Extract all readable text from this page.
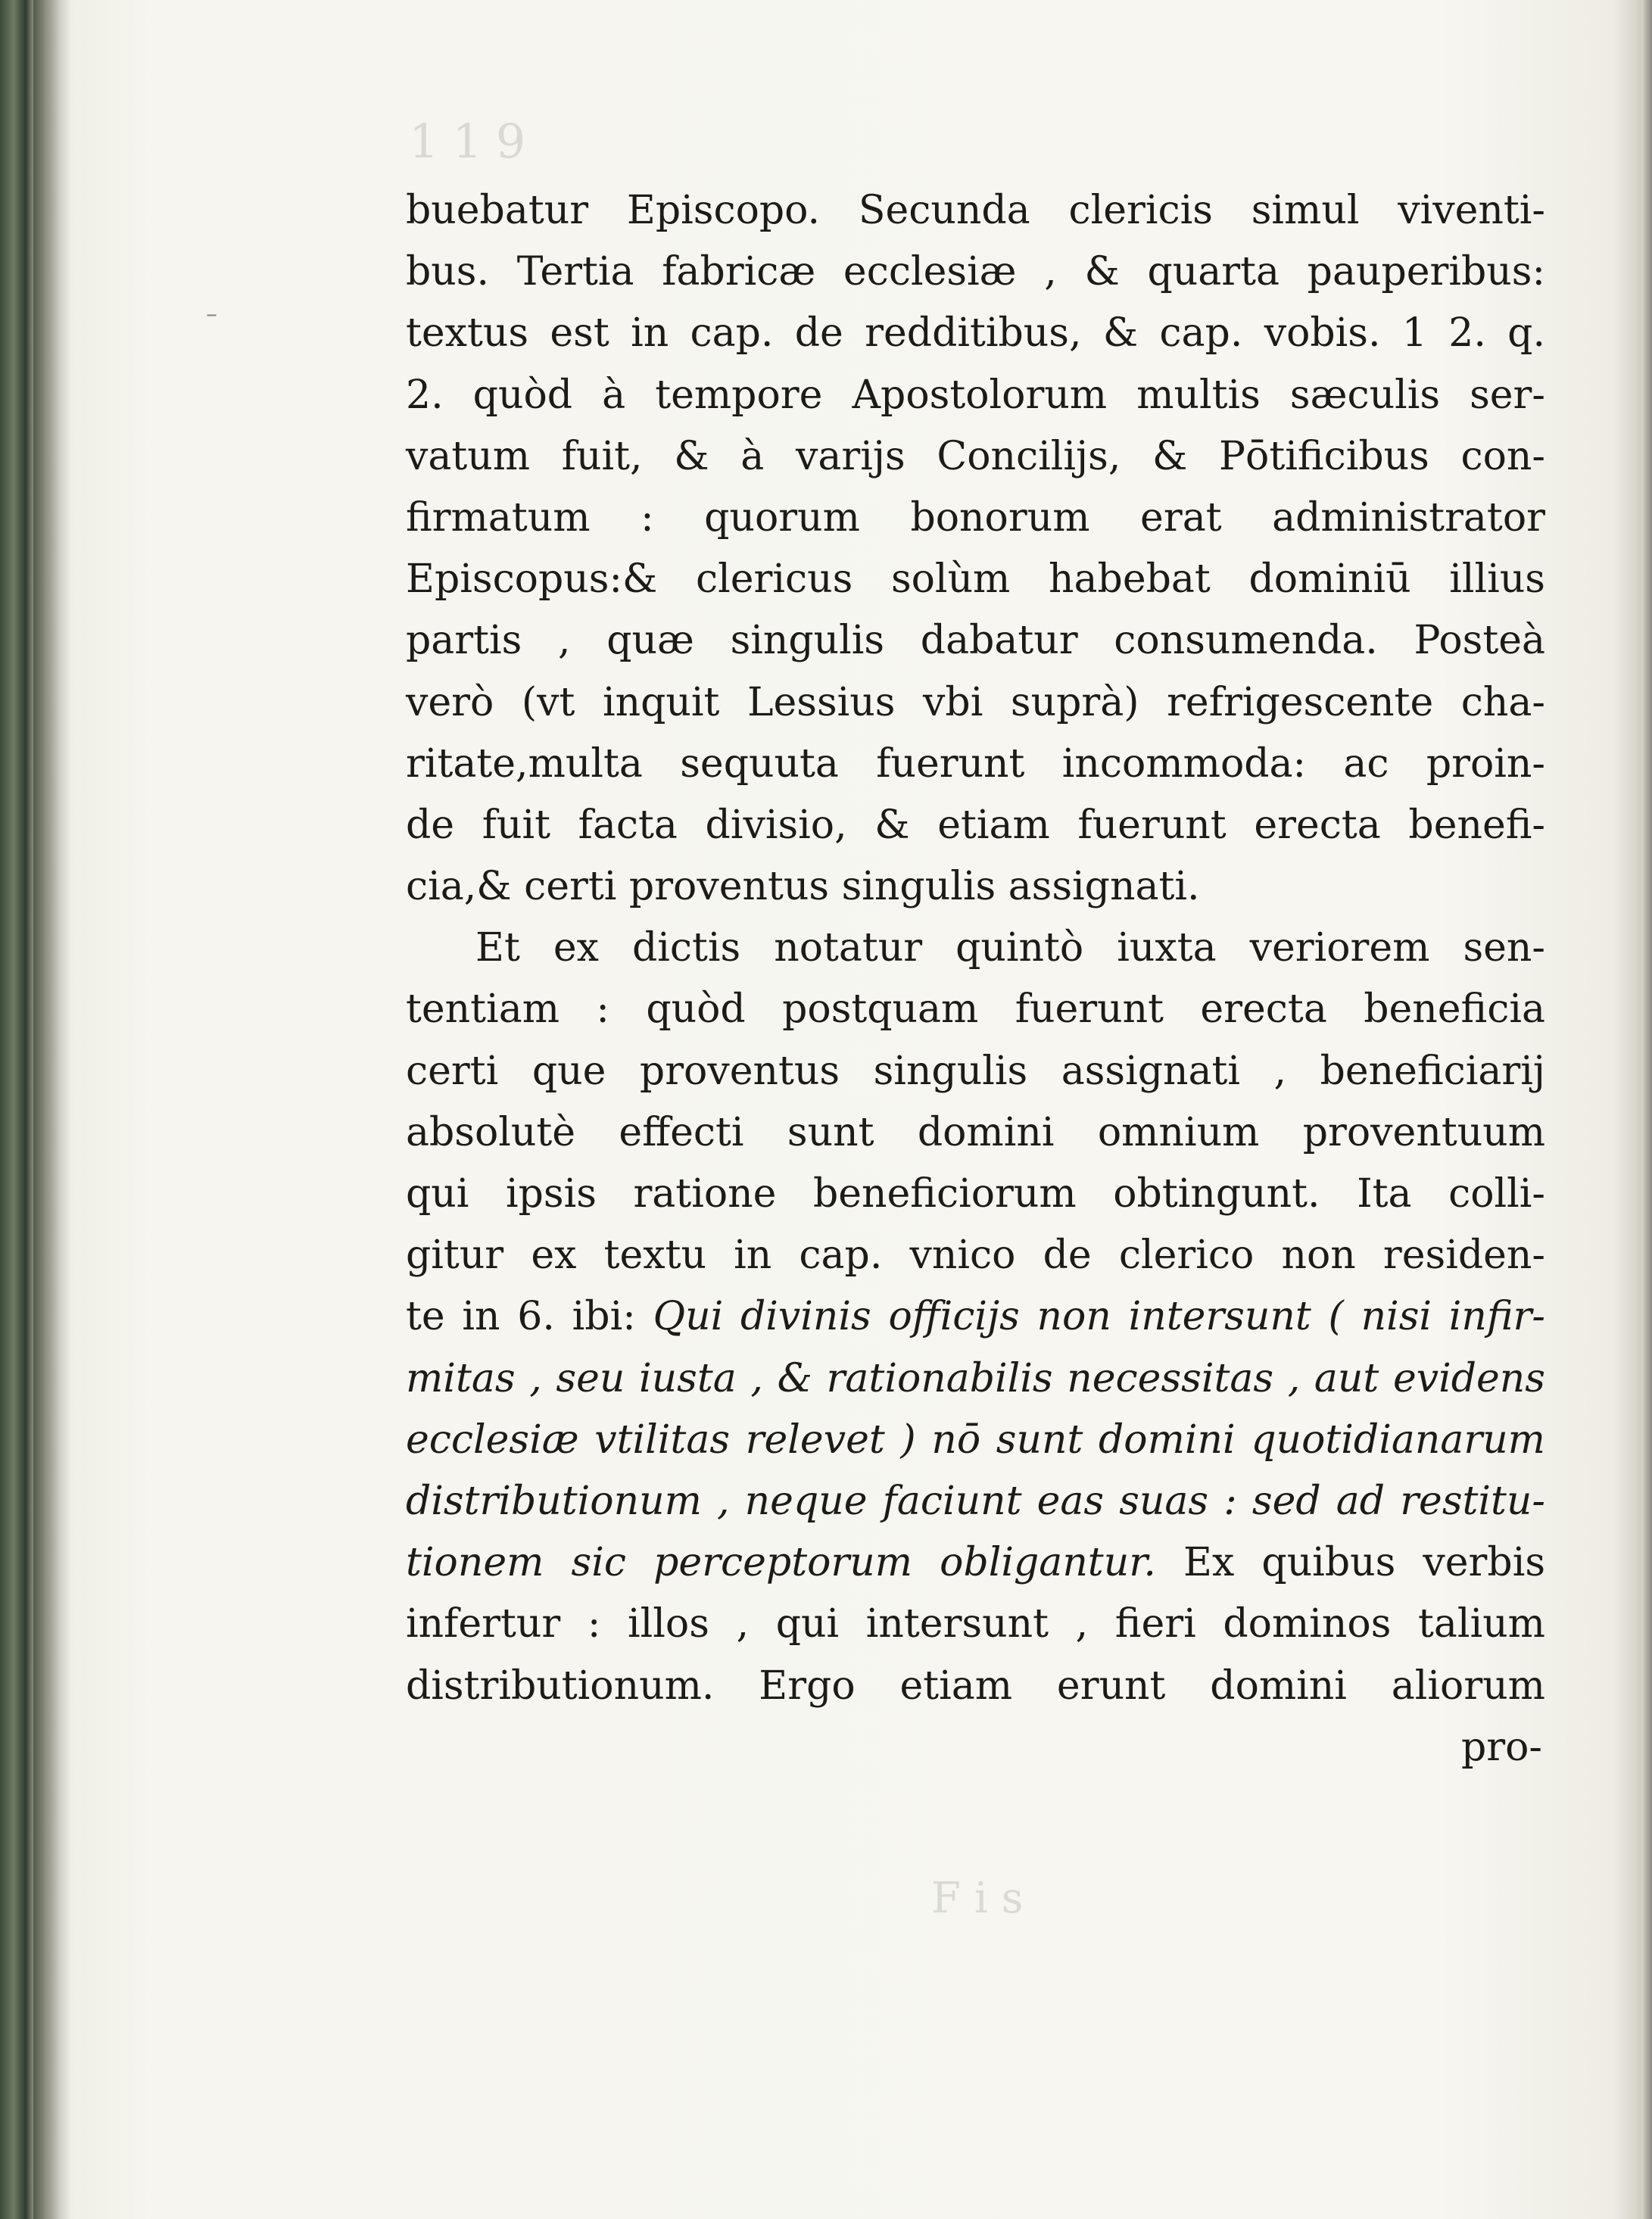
119
Fis
–
buebatur Episcopo. Secunda clericis simul viventi-
bus. Tertia fabricæ ecclesiæ , & quarta pauperibus:
textus est in cap. de redditibus, & cap. vobis. 1 2. q.
2. quòd à tempore Apostolorum multis sæculis ser-
vatum fuit, & à varijs Concilijs, & Pōtificibus con-
firmatum : quorum bonorum erat administrator
Episcopus:& clericus solùm habebat dominiū illius
partis , quæ singulis dabatur consumenda. Posteà
verò (vt inquit Lessius vbi suprà) refrigescente cha-
ritate,multa sequuta fuerunt incommoda: ac proin-
de fuit facta divisio, & etiam fuerunt erecta benefi-
cia,& certi proventus singulis assignati.
Et ex dictis notatur quintò iuxta veriorem sen-
tentiam : quòd postquam fuerunt erecta beneficia
certi que proventus singulis assignati , beneficiarij
absolutè effecti sunt domini omnium proventuum
qui ipsis ratione beneficiorum obtingunt. Ita colli-
gitur ex textu in cap. vnico de clerico non residen-
te in 6. ibi: Qui divinis officijs non intersunt ( nisi infir-
mitas , seu iusta , & rationabilis necessitas , aut evidens
ecclesiæ vtilitas relevet ) nō sunt domini quotidianarum
distributionum , neque faciunt eas suas : sed ad restitu-
tionem sic perceptorum obligantur. Ex quibus verbis
infertur : illos , qui intersunt , fieri dominos talium
distributionum. Ergo etiam erunt domini aliorum
pro-
